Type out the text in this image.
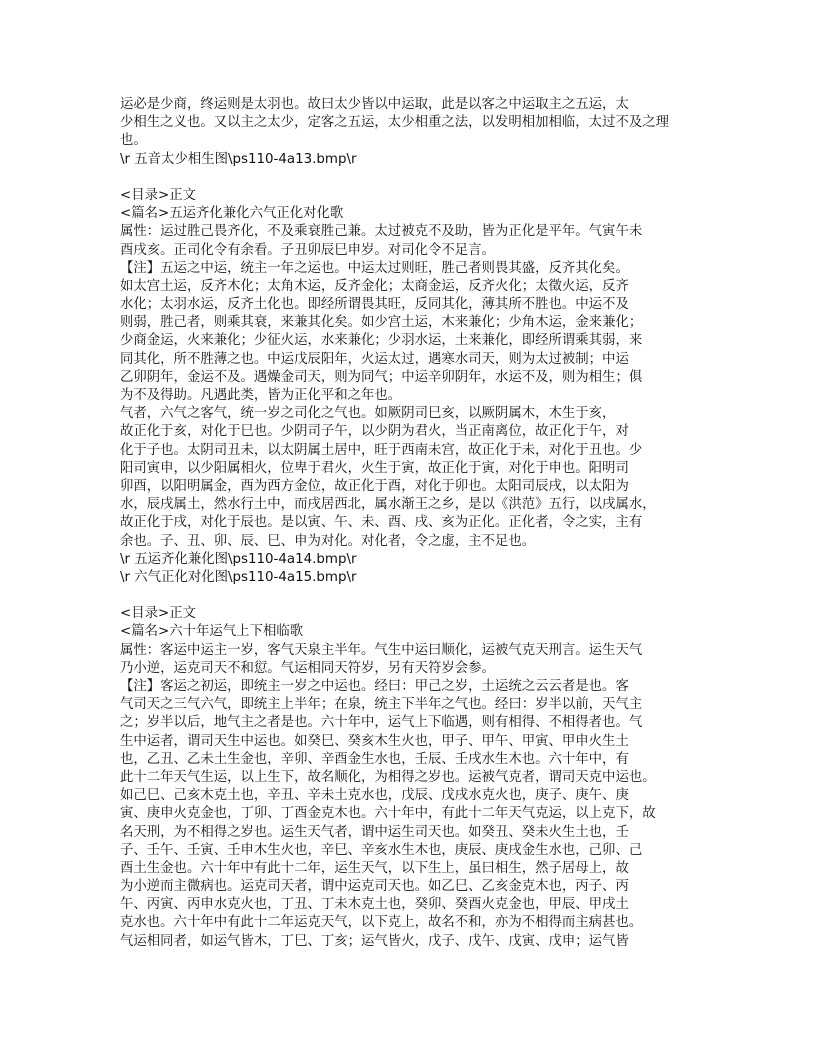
运必是少商，终运则是太羽也。故曰太少皆以中运取，此是以客之中运取主之五运，太
少相生之义也。又以主之太少，定客之五运，太少相重之法，以发明相加相临，太过不及之理
也。
\r 五音太少相生图\ps110-4a13.bmp\r
<目录>正文
<篇名>五运齐化兼化六气正化对化歌
属性：运过胜己畏齐化，不及乘衰胜己兼。太过被克不及助，皆为正化是平年。气寅午未
酉戌亥。正司化令有余看。子丑卯辰巳申岁。对司化令不足言。
【注】五运之中运，统主一年之运也。中运太过则旺，胜己者则畏其盛，反齐其化矣。
如太宫土运，反齐木化；太角木运，反齐金化；太商金运，反齐火化；太徵火运，反齐
水化；太羽水运，反齐土化也。即经所谓畏其旺，反同其化，薄其所不胜也。中运不及
则弱，胜己者，则乘其衰，来兼其化矣。如少宫土运，木来兼化；少角木运，金来兼化；
少商金运，火来兼化；少征火运，水来兼化；少羽水运，土来兼化，即经所谓乘其弱，来
同其化，所不胜薄之也。中运戊辰阳年，火运太过，遇寒水司天，则为太过被制；中运
乙卯阴年，金运不及。遇燥金司天，则为同气；中运辛卯阴年，水运不及，则为相生；俱
为不及得助。凡遇此类，皆为正化平和之年也。
气者，六气之客气，统一岁之司化之气也。如厥阴司巳亥，以厥阴属木，木生于亥，
故正化于亥，对化于巳也。少阴司子午，以少阴为君火，当正南离位，故正化于午，对
化于子也。太阴司丑未，以太阴属土居中，旺于西南未宫，故正化于未，对化于丑也。少
阳司寅申，以少阳属相火，位卑于君火，火生于寅，故正化于寅，对化于申也。阳明司
卯酉，以阳明属金，酉为西方金位，故正化于酉，对化于卯也。太阳司辰戌，以太阳为
水，辰戌属土，然水行土中，而戌居西北，属水渐王之乡，是以《洪范》五行，以戌属水，
故正化于戌，对化于辰也。是以寅、午、未、酉、戌、亥为正化。正化者，令之实，主有
余也。子、丑、卯、辰、巳、申为对化。对化者，令之虚，主不足也。
\r 五运齐化兼化图\ps110-4a14.bmp\r
\r 六气正化对化图\ps110-4a15.bmp\r
<目录>正文
<篇名>六十年运气上下相临歌
属性：客运中运主一岁，客气天泉主半年。气生中运曰顺化，运被气克天刑言。运生天气
乃小逆，运克司天不和愆。气运相同天符岁，另有天符岁会参。
【注】客运之初运，即统主一岁之中运也。经曰：甲己之岁，土运统之云云者是也。客
气司天之三气六气，即统主上半年；在泉，统主下半年之气也。经曰：岁半以前，天气主
之；岁半以后，地气主之者是也。六十年中，运气上下临遇，则有相得、不相得者也。气
生中运者，谓司天生中运也。如癸巳、癸亥木生火也，甲子、甲午、甲寅、甲申火生土
也，乙丑、乙未土生金也，辛卯、辛酉金生水也，壬辰、壬戌水生木也。六十年中，有
此十二年天气生运，以上生下，故名顺化，为相得之岁也。运被气克者，谓司天克中运也。
如己巳、己亥木克土也，辛丑、辛未土克水也，戊辰、戊戌水克火也，庚子、庚午、庚
寅、庚申火克金也，丁卯、丁酉金克木也。六十年中，有此十二年天气克运，以上克下，故
名天刑，为不相得之岁也。运生天气者，谓中运生司天也。如癸丑、癸未火生土也，壬
子、壬午、壬寅、壬申木生火也，辛巳、辛亥水生木也，庚辰、庚戌金生水也，己卯、己
酉土生金也。六十年中有此十二年，运生天气，以下生上，虽曰相生，然子居母上，故
为小逆而主微病也。运克司天者，谓中运克司天也。如乙巳、乙亥金克木也，丙子、丙
午、丙寅、丙申水克火也，丁丑、丁未木克土也，癸卯、癸酉火克金也，甲辰、甲戌土
克水也。六十年中有此十二年运克天气，以下克上，故名不和，亦为不相得而主病甚也。
气运相同者，如运气皆木，丁巳、丁亥；运气皆火，戊子、戊午、戊寅、戊申；运气皆
